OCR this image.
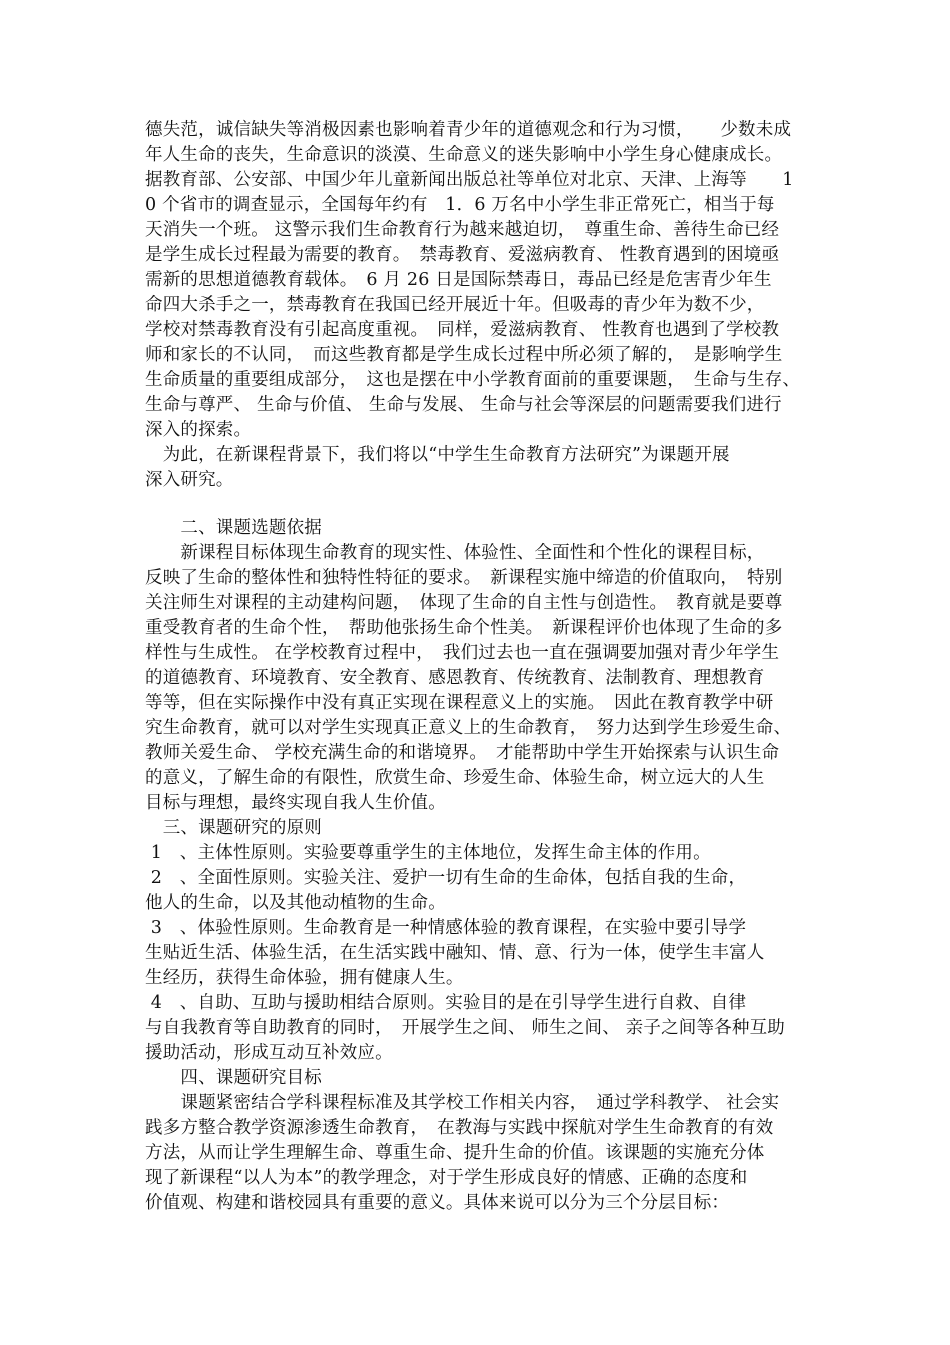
德失范，诚信缺失等消极因素也影响着青少年的道德观念和行为习惯，　　少数未成

年人生命的丧失，生命意识的淡漠、生命意义的迷失影响中小学生身心健康成长。

据教育部、公安部、中国少年儿童新闻出版总社等单位对北京、天津、上海等　　1

0 个省市的调查显示，全国每年约有　1．6 万名中小学生非正常死亡，相当于每

天消失一个班。 这警示我们生命教育行为越来越迫切，　尊重生命、善待生命已经

是学生成长过程最为需要的教育。　禁毒教育、爱滋病教育、 性教育遇到的困境亟

需新的思想道德教育载体。　6 月 26 日是国际禁毒日，毒品已经是危害青少年生

命四大杀手之一，禁毒教育在我国已经开展近十年。但吸毒的青少年为数不少，

学校对禁毒教育没有引起高度重视。　同样，爱滋病教育、 性教育也遇到了学校教

师和家长的不认同，　而这些教育都是学生成长过程中所必须了解的，　是影响学生

生命质量的重要组成部分，　这也是摆在中小学教育面前的重要课题，　生命与生存、

生命与尊严、 生命与价值、 生命与发展、 生命与社会等深层的问题需要我们进行

深入的探索。

　为此，在新课程背景下，我们将以“中学生生命教育方法研究”为课题开展

深入研究。

　　二、课题选题依据

　　新课程目标体现生命教育的现实性、体验性、全面性和个性化的课程目标，

反映了生命的整体性和独特性特征的要求。　新课程实施中缔造的价值取向，　特别

关注师生对课程的主动建构问题，　体现了生命的自主性与创造性。　教育就是要尊

重受教育者的生命个性，　帮助他张扬生命个性美。　新课程评价也体现了生命的多

样性与生成性。 在学校教育过程中，　我们过去也一直在强调要加强对青少年学生

的道德教育、环境教育、安全教育、感恩教育、传统教育、法制教育、理想教育

等等，但在实际操作中没有真正实现在课程意义上的实施。　因此在教育教学中研

究生命教育，就可以对学生实现真正意义上的生命教育，　努力达到学生珍爱生命、

教师关爱生命、 学校充满生命的和谐境界。　才能帮助中学生开始探索与认识生命

的意义，了解生命的有限性，欣赏生命、珍爱生命、体验生命，树立远大的人生

目标与理想，最终实现自我人生价值。

　三、课题研究的原则

1　、主体性原则。实验要尊重学生的主体地位，发挥生命主体的作用。

2　、全面性原则。实验关注、爱护一切有生命的生命体，包括自我的生命，

他人的生命，以及其他动植物的生命。

3　、体验性原则。生命教育是一种情感体验的教育课程，在实验中要引导学

生贴近生活、体验生活，在生活实践中融知、情、意、行为一体，使学生丰富人

生经历，获得生命体验，拥有健康人生。

4　、自助、互助与援助相结合原则。实验目的是在引导学生进行自救、自律

与自我教育等自助教育的同时，　开展学生之间、 师生之间、 亲子之间等各种互助

援助活动，形成互动互补效应。

　　四、课题研究目标

　　课题紧密结合学科课程标准及其学校工作相关内容，　通过学科教学、 社会实

践多方整合教学资源渗透生命教育，　在教海与实践中探航对学生生命教育的有效

方法，从而让学生理解生命、尊重生命、提升生命的价值。该课题的实施充分体

现了新课程“以人为本”的教学理念，对于学生形成良好的情感、正确的态度和

价值观、构建和谐校园具有重要的意义。具体来说可以分为三个分层目标：
